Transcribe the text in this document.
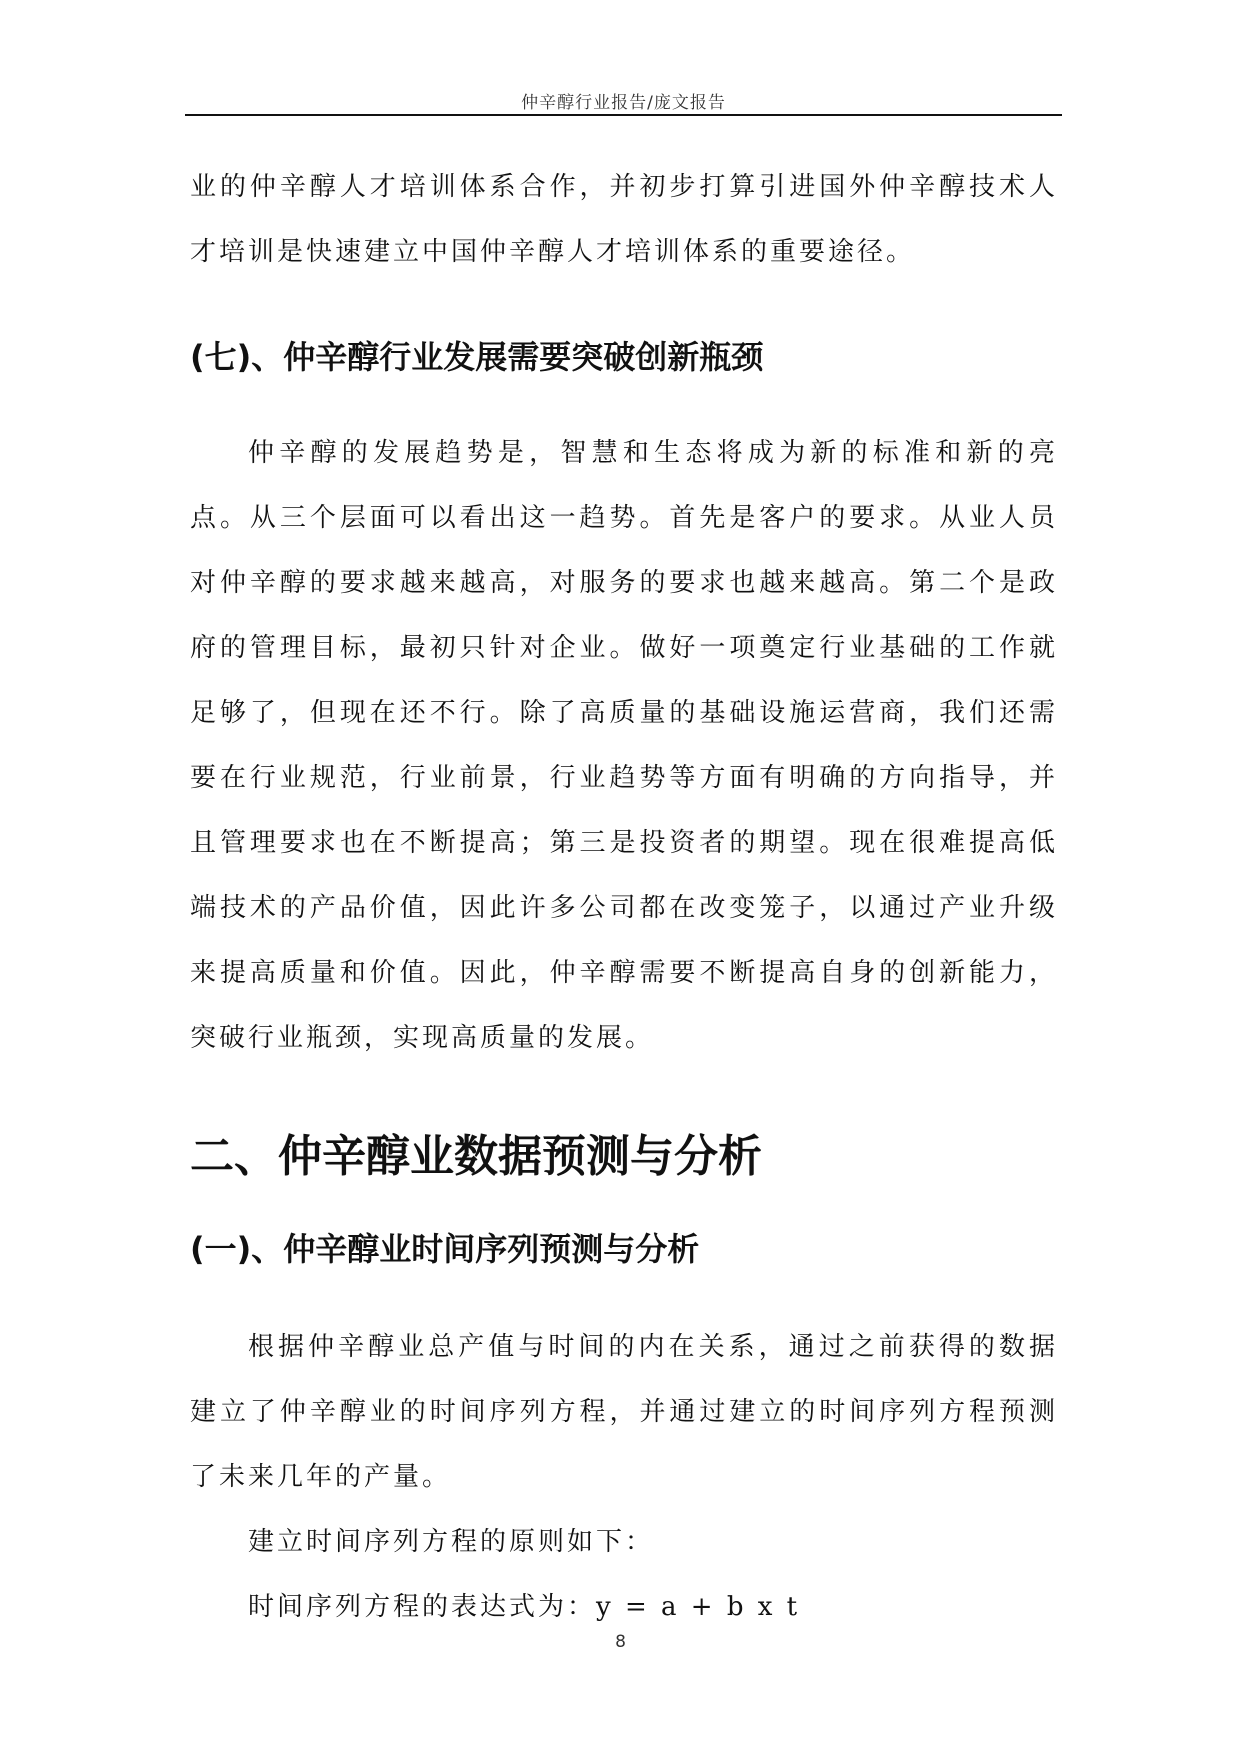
仲辛醇行业报告/庞文报告

业的仲辛醇人才培训体系合作，并初步打算引进国外仲辛醇技术人才培训是快速建立中国仲辛醇人才培训体系的重要途径。

(七)、仲辛醇行业发展需要突破创新瓶颈

仲辛醇的发展趋势是，智慧和生态将成为新的标准和新的亮点。从三个层面可以看出这一趋势。首先是客户的要求。从业人员对仲辛醇的要求越来越高，对服务的要求也越来越高。第二个是政府的管理目标，最初只针对企业。做好一项奠定行业基础的工作就足够了，但现在还不行。除了高质量的基础设施运营商，我们还需要在行业规范，行业前景，行业趋势等方面有明确的方向指导，并且管理要求也在不断提高；第三是投资者的期望。现在很难提高低端技术的产品价值，因此许多公司都在改变笼子，以通过产业升级来提高质量和价值。因此，仲辛醇需要不断提高自身的创新能力，突破行业瓶颈，实现高质量的发展。

二、仲辛醇业数据预测与分析
(一)、仲辛醇业时间序列预测与分析

根据仲辛醇业总产值与时间的内在关系，通过之前获得的数据建立了仲辛醇业的时间序列方程，并通过建立的时间序列方程预测了未来几年的产量。

建立时间序列方程的原则如下：

时间序列方程的表达式为：y = a + b x t

8
